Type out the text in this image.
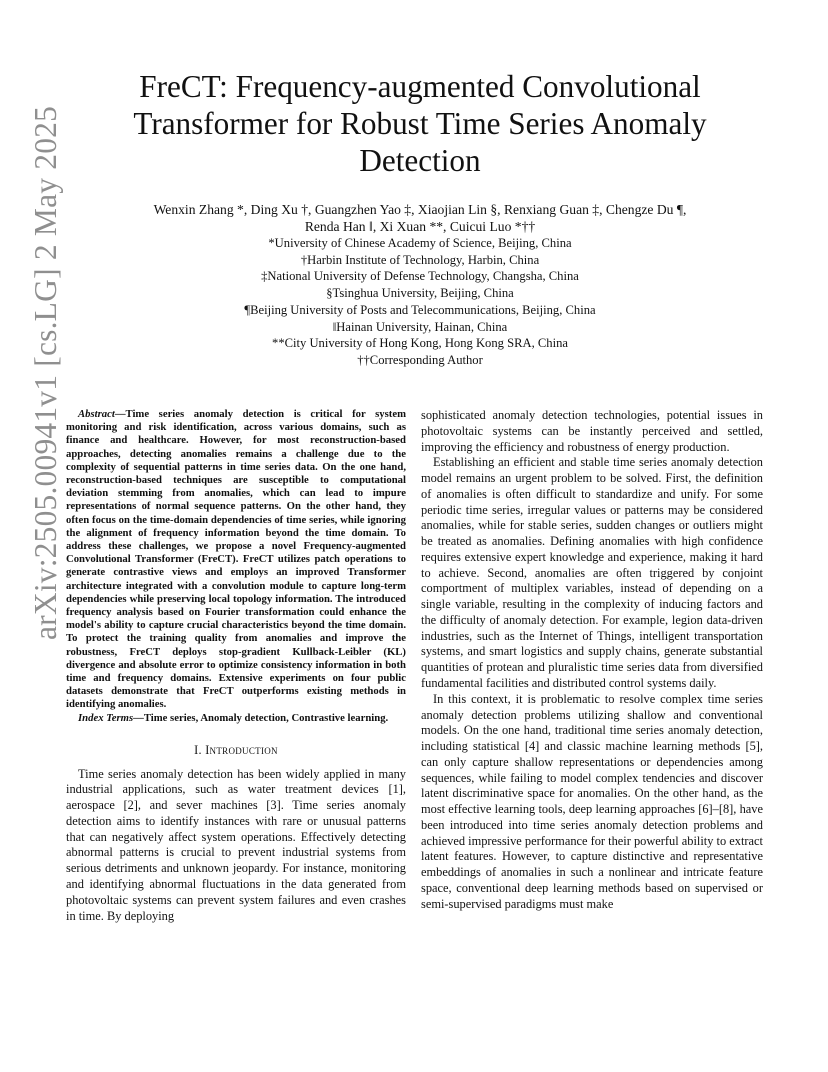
arXiv:2505.00941v1 [cs.LG] 2 May 2025
FreCT: Frequency-augmented Convolutional Transformer for Robust Time Series Anomaly Detection
Wenxin Zhang *, Ding Xu †, Guangzhen Yao ‡, Xiaojian Lin §, Renxiang Guan ‡, Chengze Du ¶,
Renda Han ‖, Xi Xuan **, Cuicui Luo *††
*University of Chinese Academy of Science, Beijing, China
†Harbin Institute of Technology, Harbin, China
‡National University of Defense Technology, Changsha, China
§Tsinghua University, Beijing, China
¶Beijing University of Posts and Telecommunications, Beijing, China
‖Hainan University, Hainan, China
**City University of Hong Kong, Hong Kong SRA, China
††Corresponding Author

Abstract—Time series anomaly detection is critical for system monitoring and risk identification, across various domains, such as finance and healthcare. However, for most reconstruction-based approaches, detecting anomalies remains a challenge due to the complexity of sequential patterns in time series data. On the one hand, reconstruction-based techniques are susceptible to computational deviation stemming from anomalies, which can lead to impure representations of normal sequence patterns. On the other hand, they often focus on the time-domain dependencies of time series, while ignoring the alignment of frequency information beyond the time domain. To address these challenges, we propose a novel Frequency-augmented Convolutional Transformer (FreCT). FreCT utilizes patch operations to generate contrastive views and employs an improved Transformer architecture integrated with a convolution module to capture long-term dependencies while preserving local topology information. The introduced frequency analysis based on Fourier transformation could enhance the model's ability to capture crucial characteristics beyond the time domain. To protect the training quality from anomalies and improve the robustness, FreCT deploys stop-gradient Kullback-Leibler (KL) divergence and absolute error to optimize consistency information in both time and frequency domains. Extensive experiments on four public datasets demonstrate that FreCT outperforms existing methods in identifying anomalies.

Index Terms—Time series, Anomaly detection, Contrastive learning.

I. Introduction

Time series anomaly detection has been widely applied in many industrial applications, such as water treatment devices [1], aerospace [2], and sever machines [3]. Time series anomaly detection aims to identify instances with rare or unusual patterns that can negatively affect system operations. Effectively detecting abnormal patterns is crucial to prevent industrial systems from serious detriments and unknown jeopardy. For instance, monitoring and identifying abnormal fluctuations in the data generated from photovoltaic systems can prevent system failures and even crashes in time. By deploying

sophisticated anomaly detection technologies, potential issues in photovoltaic systems can be instantly perceived and settled, improving the efficiency and robustness of energy production.

Establishing an efficient and stable time series anomaly detection model remains an urgent problem to be solved. First, the definition of anomalies is often difficult to standardize and unify. For some periodic time series, irregular values or patterns may be considered anomalies, while for stable series, sudden changes or outliers might be treated as anomalies. Defining anomalies with high confidence requires extensive expert knowledge and experience, making it hard to achieve. Second, anomalies are often triggered by conjoint comportment of multiplex variables, instead of depending on a single variable, resulting in the complexity of inducing factors and the difficulty of anomaly detection. For example, legion data-driven industries, such as the Internet of Things, intelligent transportation systems, and smart logistics and supply chains, generate substantial quantities of protean and pluralistic time series data from diversified fundamental facilities and distributed control systems daily.

In this context, it is problematic to resolve complex time series anomaly detection problems utilizing shallow and conventional models. On the one hand, traditional time series anomaly detection, including statistical [4] and classic machine learning methods [5], can only capture shallow representations or dependencies among sequences, while failing to model complex tendencies and discover latent discriminative space for anomalies. On the other hand, as the most effective learning tools, deep learning approaches [6]–[8], have been introduced into time series anomaly detection problems and achieved impressive performance for their powerful ability to extract latent features. However, to capture distinctive and representative embeddings of anomalies in such a nonlinear and intricate feature space, conventional deep learning methods based on supervised or semi-supervised paradigms must make
